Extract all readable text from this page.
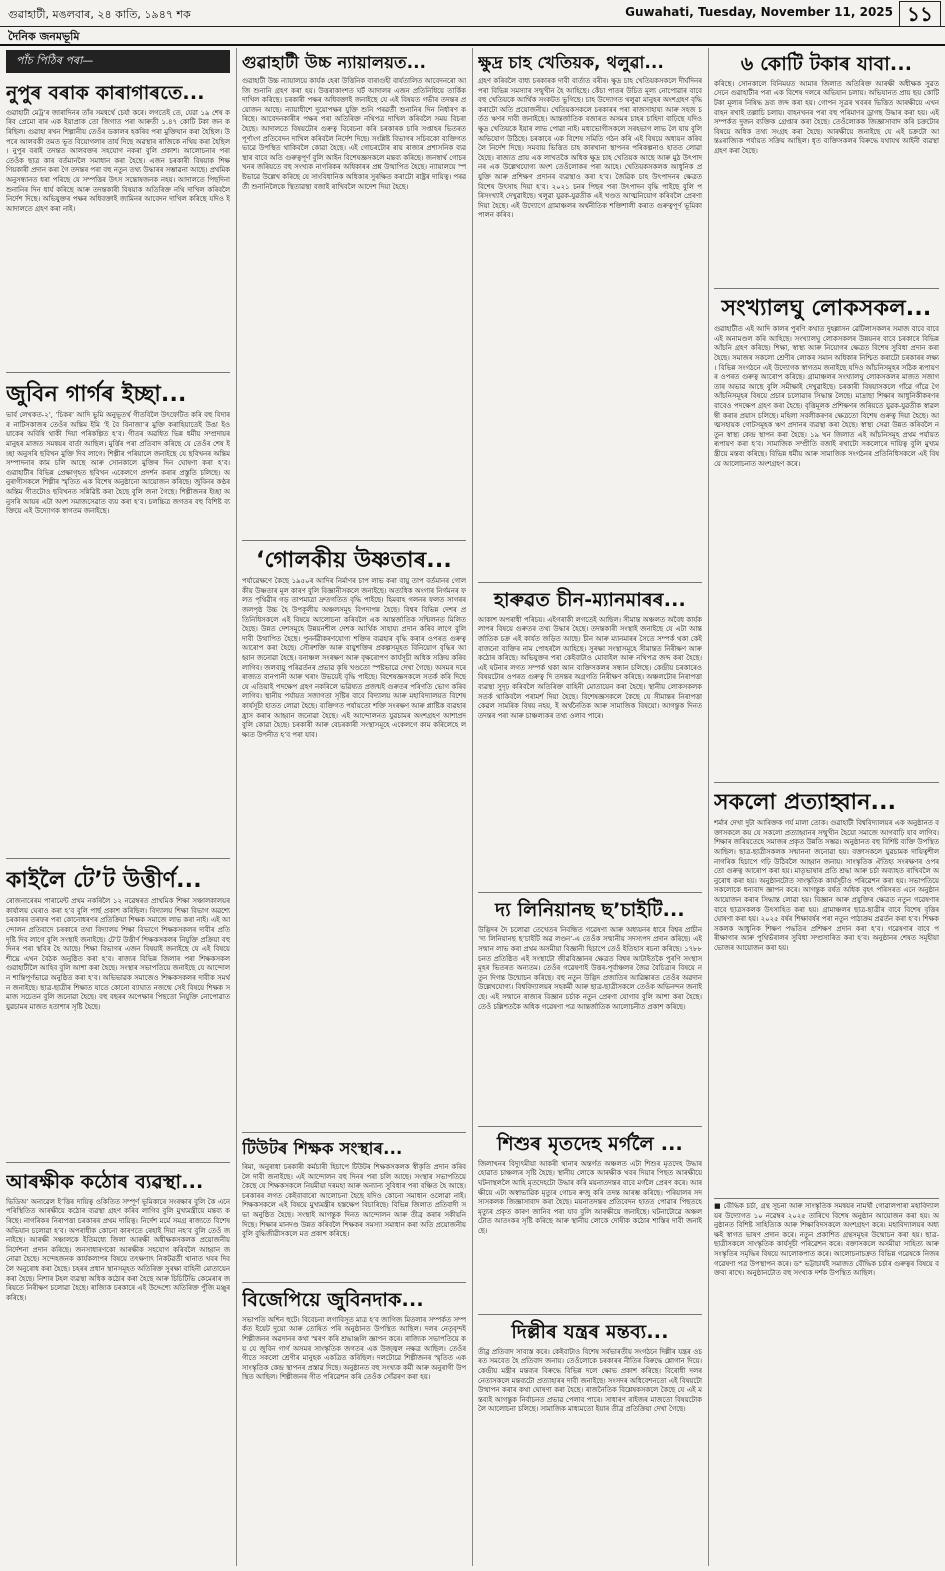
গুৱাহাটী, মঙলবাৰ, ২৪ কাতি, ১৯৪৭ শক	Guwahati, Tuesday, November 11, 2025 ১১
দৈনিক জনমভূমি
পাঁচ পিঠিৰ পৰা—
নুপুৰ বৰাক কাৰাগাৰতে...
গুৱাহাটী মেট্ৰ'ৰ জাৰাদিনৰ তাঁৰ সমন্বৰ্থে চেৰ্যা কৰে। লগতেই তে, যেরা ১৯ শেষ কৰিব প্ৰেমো ৰাৰ এক ইয়াপ্ৰাক তো জিগাত পৰা আৰুতী ১.৪৭ কোটি টকা জন কৰিছিল। গুৱাহা ৰখন শিল্পানীয় তেওঁৰ ডকালৰ হকৰিব পৰা মুক্তিযান কৰা হৈছিল। উপৰে আলবকী তমত ভূত বিয়োগলাৰ তাৰ্য দিছে অৱস্থাৰ ৰাজিকে নথিয় কৰা হৈছিল। নুপুৰ বৰাই তদন্তত আলবক্তৰ সহযোগ নকৰা বুলি প্ৰকাশ। আলোচনাৰ পৰা তেওঁক ছাত্ৰ কাৰ বৰ্তমানলৈ সমাধান কৰা হৈছে। এজন চৰকাৰী বিষয়াক শিক্ষণিয়কাৰী প্ৰদান কৰা গৈ তদন্তৰ পৰা বহু নতুন তথ্য উদ্ধাৰৰ সম্ভাৱনা আছে। প্ৰথমিক অনুসন্ধানত ধৰা পৰিছে যে সম্পত্তিৰ উৎস সন্তোষজনক নহয়। আদালতে পিছদিনা শুনানিৰ দিন ধাৰ্য কৰিছে আৰু তদন্তকাৰী বিষয়াক অতিৰিক্ত নথি দাখিল কৰিবলৈ নিৰ্দেশ দিছে। অভিযুক্তৰ পক্ষৰ অধিবক্তাই জামিনৰ আবেদন দাখিল কৰিছে যদিও ই আদালতে গ্ৰহণ কৰা নাই।
জুবিন গাৰ্গৰ ইচ্ছা...
ভাৰ্ব লেখকত-২’, ‘চিকৰ’ আদি ভুমি অনুভূতৰ্থ গীতবিলৈ উৎফেটিত কৰি বহু বিদাৰৰ নাটিসকাজৰ তেওঁৰ অন্তিম ইমি ‘ই বৈ বিনাজা’ৰ মুক্তি কৰাহিয়াতেই উঙা ইওয়াকেৰ অবিষি থাকী দিয়া পৰিকল্পিত হ’ব। গীতৰ অৱধিত ভিন্ন ধৰ্মীয় সম্প্ৰদায়ৰ মানুহৰ মাজত সমন্বয়ৰ বাৰ্তা আছিল। মুৰ্ত্তিৰ পৰা প্ৰতিবাদ কৰিছে যে তেওঁৰ শেষ ইচ্ছা অনুসৰি ছবিখন মুক্তি দিব লাগে। শিল্পীৰ পৰিয়ালে জনাইছে যে ছবিখনৰ অন্তিম সম্পাদনাৰ কাম চলি আছে আৰু সোনকালে মুক্তিৰ দিন ঘোষণা কৰা হ’ব। গুৱাহাটীৰ বিভিন্ন প্ৰেক্ষাগৃহত ছবিখন একেলগে প্ৰদৰ্শন কৰাৰ প্ৰস্তুতি চলিছে। অনুৰাগীসকলে শিল্পীৰ স্মৃতিত এক বিশেষ অনুষ্ঠানো আয়োজন কৰিছে। জুবিনৰ কণ্ঠৰ অন্তিম গীতটোও ছবিখনত সন্নিৱিষ্ট কৰা হৈছে বুলি জনা গৈছে। শিল্পীজনৰ ইচ্ছা অনুসৰি আয়ৰ এটা অংশ সমাজসেৱাত ব্যয় কৰা হ’ব। চলচ্চিত্ৰ জগতৰ বহু বিশিষ্ট ব্যক্তিয়ে এই উদ্যোগক স্বাগতম জনাইছে।
কাইলৈ টে’ট উত্তীৰ্ণ...
ৰোজনাৰেৰম পাৰামেন্ট প্ৰথম নকৰিলৈ ১২ নৱেম্বৰত প্ৰাথমিক শিক্ষা সঞ্চালকালয়ৰ কাৰ্যালয় ঘেৰাও কৰা হ’ব বুলি পাৰ্ছ প্ৰকাশ কৰিছিল। বিদ্যালয় শিক্ষা বিভাগ অৱশ্যে চৰকাৰৰ তৰফৰ পৰা কোনোধৰণৰ প্ৰতিক্ৰিয়া শিক্ষক সমাজে লাভ কৰা নাই। এই আন্দোলন প্ৰতিবাদে চৰকাৰে তথা বিদ্যালয় শিক্ষা বিভাগে শিক্ষকসকলৰ দাবীৰ প্ৰতি দৃষ্টি দিব লাগে বুলি সংস্থাই জনাইছে। টে’ট উত্তীৰ্ণ শিক্ষকসকলৰ নিযুক্তি প্ৰক্ৰিয়া বহু দিনৰ পৰা স্থবিৰ হৈ আছে। শিক্ষা বিভাগৰ এজন বিষয়াই জনাইছে যে এই বিষয়ে শীঘ্ৰে এখন বৈঠক অনুষ্ঠিত কৰা হ’ব। ৰাজ্যৰ বিভিন্ন জিলাৰ পৰা শিক্ষকসকল গুৱাহাটীলৈ আহিব বুলি আশা কৰা হৈছে। সংস্থাৰ সভাপতিয়ে জনাইছে যে আন্দোলন শান্তিপূৰ্ণভাৱে অনুষ্ঠিত কৰা হ’ব। অভিভাৱক সমাজেও শিক্ষকসকলৰ দাবীক সমৰ্থন জনাইছে। ছাত্ৰ-ছাত্ৰীৰ শিক্ষাত যাতে কোনো ব্যাঘাত নজন্মে সেই বিষয়ে শিক্ষক সমাজ সচেতন বুলি জনোৱা হৈছে। বহু বছৰৰ অপেক্ষাৰ পিছতো নিযুক্তি নোপোৱাত যুৱচামৰ মাজত হতাশাৰ সৃষ্টি হৈছে।
আৰক্ষীক কঠোৰ ব্যৱস্থা...
ভিডিঅ’ অনাৱেল ই’ত্তিৰ দায়িত্ব ওকিতিত সম্পূৰ্ণ ভূমিকাৰে সংৰক্ষাৰ বুলি কৈ এনে পৰিস্থিতিত আৰক্ষীয়ে কঠোৰ ব্যৱস্থা গ্ৰহণ কৰিব লাগিব বুলি মুখ্যমন্ত্ৰীয়ে মন্তব্য কৰিছে। নাগৰিকৰ নিৰাপত্তা চৰকাৰৰ প্ৰথম দায়িত্ব। নিৰ্দেশ মৰ্মে সমগ্ৰ ৰাজ্যতে বিশেষ অভিযান চলোৱা হ’ব। অপৰাধীক কোনো কাৰণতে ৰেহাই দিয়া নহ’ব বুলি তেওঁ জনাইছে। আৰক্ষী সঞ্চালকে ইতিমধ্যে জিলা আৰক্ষী অধীক্ষকসকলক প্ৰয়োজনীয় নিৰ্দেশনা প্ৰদান কৰিছে। জনসাধাৰণকো আৰক্ষীক সহযোগ কৰিবলৈ আহ্বান জনোৱা হৈছে। সন্দেহজনক কাৰ্যকলাপৰ বিষয়ে তৎক্ষণাৎ নিকটৱৰ্তী থানাত খবৰ দিবলৈ অনুৰোধ কৰা হৈছে। চহৰৰ প্ৰধান স্থানসমূহত অতিৰিক্ত সুৰক্ষা বাহিনী মোতায়েন কৰা হৈছে। নিশাৰ টহল ব্যৱস্থা অধিক কঠোৰ কৰা হৈছে আৰু চিচিটিভি কেমেৰাৰ জৰিয়তে নিৰীক্ষণ চলোৱা হৈছে। ৰাজ্যিক চৰকাৰে এই উদ্দেশ্যে অতিৰিক্ত পুঁজি মঞ্জুৰ কৰিছে।
গুৱাহাটী উচ্চ ন্যায়ালয়ত...
গুৱাহাটী উচ্চ ন্যায়ালয়ে কাৰ্যক হেৰা উত্তিনিক বাৰাগুহী বাৰ্যতালিত আবেদনৰো আজি শুনানি গ্ৰহণ কৰা হয়। উত্তৰাকাংশত ঘৰ্ট আদালৰ এজন প্ৰতিনিধিয়ে তাৰ্কিক দাখিল কৰিছে। চৰকাৰী পক্ষৰ অধিবক্তাই জনাইছে যে এই বিষয়ত গভীৰ তদন্তৰ প্ৰয়োজন আছে। ন্যায়াধীশে দুয়োপক্ষৰ যুক্তি শুনি পৰৱৰ্তী শুনানিৰ দিন নিৰ্ধাৰণ কৰিছে। আবেদনকাৰীৰ পক্ষৰ পৰা অতিৰিক্ত নথিপত্ৰ দাখিল কৰিবলৈ সময় বিচৰা হৈছে। আদালতে বিষয়টোৰ গুৰুত্ব বিবেচনা কৰি চৰকাৰক চাৰি সপ্তাহৰ ভিতৰত পূৰ্ণাংগ প্ৰতিবেদন দাখিল কৰিবলৈ নিৰ্দেশ দিছে। সংশ্লিষ্ট বিভাগৰ সচিবকো ব্যক্তিগতভাৱে উপস্থিত থাকিবলৈ কোৱা হৈছে। এই গোচৰটোৰ ৰায় ৰাজ্যৰ প্ৰশাসনিক ব্যৱস্থাৰ বাবে অতি গুৰুত্বপূৰ্ণ বুলি আইন বিশেষজ্ঞসকলে মন্তব্য কৰিছে। জনস্বাৰ্থ গোচৰখনৰ জৰিয়তে বহু সংখ্যক নাগৰিকৰ অধিকাৰৰ প্ৰশ্ন উত্থাপিত হৈছে। ন্যায়ালয়ে স্পষ্টভাৱে উল্লেখ কৰিছে যে সাংবিধানিক অধিকাৰ সুৰক্ষিত কৰাটো ৰাষ্ট্ৰৰ দায়িত্ব। পৰৱৰ্তী শুনানিলৈকে স্থিতাৱস্থা বজাই ৰাখিবলৈ আদেশ দিয়া হৈছে।
‘গোলকীয় উষ্ণতাৰ...
পৰ্যাৱেক্ষণে কৈছে ১৯৫০ৰ আদিৰ নিৰ্মাণৰ চাপ লাভ কৰা বায়ু তাপ বৰ্তমানৰ গোলকীয় উষ্ণতাৰ মূল কাৰণ বুলি বিজ্ঞানীসকলে জনাইছে। অত্যধিক অংগাৰ নিৰ্গমনৰ ফলত পৃথিৱীৰ গড় তাপমাত্ৰা দ্ৰুতগতিত বৃদ্ধি পাইছে। হিমবাহ গলনৰ ফলত সাগৰৰ জলপৃষ্ঠ উচ্চ হৈ উপকূলীয় অঞ্চলসমূহ বিপদাপন্ন হৈছে। বিশ্বৰ বিভিন্ন দেশৰ প্ৰতিনিধিসকলে এই বিষয়ে আলোচনা কৰিবলৈ এক আন্তৰ্জাতিক সন্মিলনত মিলিত হৈছে। উন্নত দেশসমূহে উন্নয়নশীল দেশক আৰ্থিক সাহায্য প্ৰদান কৰিব লাগে বুলি দাবী উত্থাপিত হৈছে। পুনৰ্নৱীকৰণযোগ্য শক্তিৰ ব্যৱহাৰ বৃদ্ধি কৰাৰ ওপৰত গুৰুত্ব আৰোপ কৰা হৈছে। সৌৰশক্তি আৰু বায়ুশক্তিৰ প্ৰকল্পসমূহত বিনিয়োগ বৃদ্ধিৰ আহ্বান জনোৱা হৈছে। বনাঞ্চল সংৰক্ষণ আৰু বৃক্ষৰোপণ কাৰ্যসূচী অধিক সক্ৰিয় কৰিব লাগিব। জলবায়ু পৰিৱৰ্তনৰ প্ৰভাৱ কৃষি খণ্ডতো স্পষ্টভাৱে দেখা গৈছে। অসমৰ দৰে ৰাজ্যত বানপানী আৰু খৰাং উভয়েই বৃদ্ধি পাইছে। বিশেষজ্ঞসকলে সতৰ্ক কৰি দিছে যে এতিয়াই পদক্ষেপ গ্ৰহণ নকৰিলে ভৱিষ্যত প্ৰজন্মই গুৰুতৰ পৰিণতি ভোগ কৰিব লাগিব। স্থানীয় পৰ্যায়ত সজাগতা সৃষ্টিৰ বাবে বিদ্যালয় আৰু মহাবিদ্যালয়ত বিশেষ কাৰ্যসূচী হাতত লোৱা হৈছে। ব্যক্তিগত পৰ্যায়তো শক্তি সংৰক্ষণ আৰু প্লাষ্টিক ব্যৱহাৰ হ্ৰাস কৰাৰ আহ্বান জনোৱা হৈছে। এই আন্দোলনত যুৱচামৰ অংশগ্ৰহণ আশাপ্ৰদ বুলি কোৱা হৈছে। চৰকাৰী আৰু বেচৰকাৰী সংস্থাসমূহে একেলগে কাম কৰিলেহে লক্ষ্যত উপনীত হ’ব পৰা যাব।
টিউটৰ শিক্ষক সংস্থাৰ...
ৰিমা, অনুৰাধা চৰকাৰী কৰ্মচাৰী হিচাপে টিউটৰ শিক্ষকসকলক স্বীকৃতি প্ৰদান কৰিবলৈ দাবী জনাইছে। এই আন্দোলন বহু দিনৰ পৰা চলি আছে। সংস্থাৰ সভাপতিয়ে কৈছে যে শিক্ষকসকলে নিয়মীয়া দৰমহা আৰু অন্যান্য সুবিধাৰ পৰা বঞ্চিত হৈ আছে। চৰকাৰৰ লগত কেইবাবাৰো আলোচনা হৈছে যদিও কোনো সমাধান ওলোৱা নাই। শিক্ষকসকলে এই বিষয়ে মুখ্যমন্ত্ৰীৰ হস্তক্ষেপ বিচাৰিছে। বিভিন্ন জিলাত প্ৰতিবাদী সভা অনুষ্ঠিত হৈছে। সংস্থাই আগন্তুক দিনত আন্দোলন আৰু তীব্ৰ কৰাৰ সকীয়নি দিছে। শিক্ষাৰ মানদণ্ড উন্নত কৰিবলৈ শিক্ষকৰ সমস্যা সমাধান কৰা অতি প্ৰয়োজনীয় বুলি বুদ্ধিজীৱীসকলে মত প্ৰকাশ কৰিছে।
বিজেপিয়ে জুবিনদাক...
সভাপতি অশিন হুটে। বিবেচনা লগাবিসূত মাত্ৰ হ’ব জাগিজ মিতলাৰ সম্পৰ্কত সম্পৰ্কত ইয়েট দুয়ো আৰু তোষিত পৰি অনুষ্ঠানত উপস্থিত আছিল। দলৰ নেতৃবৃন্দই শিল্পীজনৰ অৱদানৰ কথা স্মৰণ কৰি শ্ৰদ্ধাঞ্জলি জ্ঞাপন কৰে। ৰাজ্যিক সভাপতিয়ে কয় যে জুবিন গাৰ্গ অসমৰ সাংস্কৃতিক জগতৰ এক উজ্জ্বল নক্ষত্ৰ আছিল। তেওঁৰ গীতে সকলো শ্ৰেণীৰ মানুহক একত্ৰিত কৰিছিল। দলটোৱে শিল্পীজনৰ স্মৃতিত এক সাংস্কৃতিক কেন্দ্ৰ স্থাপনৰ প্ৰস্তাৱ দিছে। অনুষ্ঠানত বহু সংখ্যক কৰ্মী আৰু অনুৰাগী উপস্থিত আছিল। শিল্পীজনৰ গীত পৰিৱেশন কৰি তেওঁক সোঁৱৰণ কৰা হয়।
ক্ষুদ্ৰ চাহ খেতিয়ক, থলুৱা...
গ্ৰহণ কৰিবলৈ বাধ্য চৰকাৰক দাবী বাৰ্তাত বৰীৰ। ক্ষুদ্ৰ চাহ খেতিয়কসকলে দীৰ্ঘদিনৰ পৰা বিভিন্ন সমস্যাৰ সন্মুখীন হৈ আহিছে। কেঁচা পাতৰ উচিত মূল্য নোপোৱাৰ বাবে বহু খেতিয়কে আৰ্থিক সংকটত ভুগিছে। চাহ উদ্যোগত থলুৱা মানুহৰ অংশগ্ৰহণ বৃদ্ধি কৰাটো অতি প্ৰয়োজনীয়। খেতিয়কসকলে চৰকাৰৰ পৰা ৰাজসাহায্য আৰু সহজ চৰ্তত ঋণৰ দাবী জনাইছে। আন্তৰ্জাতিক বজাৰত অসমৰ চাহৰ চাহিদা বাঢ়িছে যদিও ক্ষুদ্ৰ খেতিয়কে ইয়াৰ লাভ পোৱা নাই। মধ্যভোগীসকলে সৰহভাগ লাভ লৈ যায় বুলি অভিযোগ উঠিছে। চৰকাৰে এক বিশেষ সমিতি গঠন কৰি এই বিষয়ে অধ্যয়ন কৰিবলৈ নিৰ্দেশ দিছে। সমবায় ভিত্তিত চাহ কাৰখানা স্থাপনৰ পৰিকল্পনাও হাতত লোৱা হৈছে। ৰাজ্যত প্ৰায় এক লাখতকৈ অধিক ক্ষুদ্ৰ চাহ খেতিয়ক আছে আৰু মুঠ উৎপাদনৰ এক উল্লেখযোগ্য অংশ তেওঁলোকৰ পৰা আহে। খেতিয়কসকলক আধুনিক প্ৰযুক্তি আৰু প্ৰশিক্ষণ প্ৰদানৰ ব্যৱস্থাও কৰা হ’ব। জৈৱিক চাহ উৎপাদনৰ ক্ষেত্ৰত বিশেষ উৎসাহ দিয়া হ’ব। ২০২১ চনৰ পিছৰ পৰা উৎপাদন বৃদ্ধি পাইছে বুলি পৰিসংখ্যাই দেখুৱাইছে। থলুৱা যুৱক-যুৱতীক এই খণ্ডত আত্মনিয়োগ কৰিবলৈ প্ৰেৰণা দিয়া হৈছে। এই উদ্যোগে গ্ৰামাঞ্চলৰ অৰ্থনীতিক শক্তিশালী কৰাত গুৰুত্বপূৰ্ণ ভূমিকা পালন কৰিব।
হাৰুৱত চীন-ম্যানমাৰৰ...
আকাশ অপৰাধী পৰিচয়। এইগৰাকী লগতেই আছিল। সীমান্ত অঞ্চলত অবৈধ কাৰ্যকলাপৰ বিষয়ে গুৰুতৰ তথ্য উদ্ধাৰ হৈছে। তদন্তকাৰী সংস্থাই জনাইছে যে এটা আন্তৰ্জাতিক চক্ৰ এই কাৰ্যত জড়িত আছে। চীন আৰু ম্যানমাৰৰ সৈতে সম্পৰ্ক থকা কেইবাজনো ব্যক্তিৰ নাম পোহৰলৈ আহিছে। সুৰক্ষা সংস্থাসমূহে সীমান্তত নিৰীক্ষণ আৰু কঠোৰ কৰিছে। অভিযুক্তৰ পৰা কেইবাটাও মোবাইল আৰু নথিপত্ৰ জব্দ কৰা হৈছে। এই ঘটনাৰ লগত সম্পৰ্ক থকা আন ব্যক্তিসকলৰ সন্ধান চলিছে। কেন্দ্ৰীয় চৰকাৰেও বিষয়টোৰ ওপৰত গুৰুত্ব দি তদন্তৰ অগ্ৰগতি নিৰীক্ষণ কৰিছে। অঞ্চলটোৰ নিৰাপত্তা ব্যৱস্থা সুদৃঢ় কৰিবলৈ অতিৰিক্ত বাহিনী মোতায়েন কৰা হৈছে। স্থানীয় লোকসকলক সতৰ্ক থাকিবলৈ পৰামৰ্শ দিয়া হৈছে। বিশেষজ্ঞসকলে কৈছে যে সীমান্তৰ নিৰাপত্তা কেৱল সামৰিক বিষয় নহয়, ই অৰ্থনৈতিক আৰু সামাজিক বিষয়ো। আগন্তুক দিনত তদন্তৰ পৰা আৰু চাঞ্চল্যকৰ তথ্য ওলাব পাৰে।
দ্য লিনিয়ানছ ছ’চাইটি...
উদ্ভিদৰ দৈ চলোৱা তেখেতৰ নিবন্ধিত গৱেষণা আৰু অধ্যয়নৰ ধাৰে বিশ্বৰ প্ৰাচীন ‘দ্য লিনিয়ানছ ছ’চাইটি অৱ লণ্ডন’-এ তেওঁক সন্মানীয় সদস্যপদ প্ৰদান কৰিছে। এই সন্মান লাভ কৰা প্ৰথম অসমীয়া বিজ্ঞানী হিচাপে তেওঁ ইতিহাস ৰচনা কৰিছে। ১৭৮৮ চনত প্ৰতিষ্ঠিত এই সংস্থাটো জীৱবিজ্ঞানৰ ক্ষেত্ৰত বিশ্বৰ আটাইতকৈ পুৰণি সংস্থাসমূহৰ ভিতৰত অন্যতম। তেওঁৰ গৱেষণাই উত্তৰ-পূৰ্বাঞ্চলৰ জৈৱ বৈচিত্ৰ্যৰ বিষয়ে নতুন দিগন্ত উন্মোচন কৰিছে। বহু নতুন উদ্ভিদ প্ৰজাতিৰ আৱিষ্কাৰত তেওঁৰ অৱদান উল্লেখযোগ্য। বিশ্ববিদ্যালয়ৰ সহকৰ্মী আৰু ছাত্ৰ-ছাত্ৰীসকলে তেওঁক অভিনন্দন জনাইছে। এই সন্মানে ৰাজ্যৰ বিজ্ঞান চৰ্চাক নতুন প্ৰেৰণা যোগাব বুলি আশা কৰা হৈছে। তেওঁ চল্লিশতকৈ অধিক গৱেষণা পত্ৰ আন্তৰ্জাতিক আলোচনীত প্ৰকাশ কৰিছে।
শিশুৰ মৃতদেহ মৰ্গলৈ ...
জিলাখনৰ বিদ্যুৎমীয়া আকৰী থানাৰ অন্তৰ্গত অঞ্চলত এটা শিশুৰ মৃতদেহ উদ্ধাৰ হোৱাত চাঞ্চল্যৰ সৃষ্টি হৈছে। স্থানীয় লোকে আৰক্ষীক খবৰ দিয়াৰ পিছত আৰক্ষীয়ে ঘটনাস্থললৈ আহি মৃতদেহটো উদ্ধাৰ কৰি ময়নাতদন্তৰ বাবে মৰ্গলৈ প্ৰেৰণ কৰে। আৰক্ষীয়ে এটা অস্বাভাৱিক মৃত্যুৰ গোচৰ ৰুজু কৰি তদন্ত আৰম্ভ কৰিছে। পৰিয়ালৰ সদস্যসকলক জিজ্ঞাসাবাদ কৰা হৈছে। ময়নাতদন্তৰ প্ৰতিবেদন হাতত পোৱাৰ পিছতহে মৃত্যুৰ প্ৰকৃত কাৰণ জানিব পৰা যাব বুলি আৰক্ষীয়ে জনাইছে। ঘটনাটোৱে অঞ্চলটোত আতংকৰ সৃষ্টি কৰিছে আৰু স্থানীয় লোকে দোষীক কঠোৰ শাস্তিৰ দাবী জনাইছে।
দিল্লীৰ যন্ত্ৰৰ মন্তব্য...
তীৱ্ৰ প্ৰতিবাদ সাব্যস্ত কৰে। কেইবাটাও বিশেষ সৰ্বভাৰতীয় সংগঠনে দিল্লীৰ যন্ত্ৰৰ ওচৰত সমবেত হৈ প্ৰতিবাদ জনায়। তেওঁলোকে চৰকাৰৰ নীতিৰ বিৰুদ্ধে শ্লোগান দিয়ে। কেন্দ্ৰীয় মন্ত্ৰীৰ মন্তব্যৰ বিৰুদ্ধে বিভিন্ন দলে ক্ষোভ প্ৰকাশ কৰিছে। বিৰোধী দলৰ নেতাসকলে মন্তব্যটো প্ৰত্যাহাৰৰ দাবী জনাইছে। সংসদৰ অধিবেশনতো এই বিষয়টো উত্থাপন কৰাৰ কথা ঘোষণা কৰা হৈছে। ৰাজনৈতিক বিশ্লেষকসকলে কৈছে যে এই মন্তব্যই আগন্তুক নিৰ্বাচনত প্ৰভাৱ পেলাব পাৰে। সাধাৰণ ৰাইজৰ মাজতো বিষয়টোক লৈ আলোচনা চলিছে। সামাজিক মাধ্যমতো ইয়াৰ তীব্ৰ প্ৰতিক্ৰিয়া দেখা গৈছে।
৬ কোটি টকাৰ যাবা...
কৰিছে। সোনকালে বিনিময়ত আমাৰ জিলাত অতিৰিক্ত আৰক্ষী অধীক্ষক সুৱত সেনে গুৱাহাটীৰ পৰা এক বিশেষ দলৰে অভিযান চলায়। অভিযানত প্ৰায় ছয় কোটি টকা মূল্যৰ নিষিদ্ধ দ্ৰব্য জব্দ কৰা হয়। গোপন সূত্ৰৰ খবৰৰ ভিত্তিত আৰক্ষীয়ে এখন বাহন ৰখাই তল্লাচি চলায়। বাহনখনৰ পৰা বহু পৰিমাণৰ ড্ৰাগছ উদ্ধাৰ কৰা হয়। এই সম্পৰ্কত দুজন ব্যক্তিক গ্ৰেপ্তাৰ কৰা হৈছে। তেওঁলোকক জিজ্ঞাসাবাদ কৰি চক্ৰটোৰ বিষয়ে অধিক তথ্য সংগ্ৰহ কৰা হৈছে। আৰক্ষীয়ে জনাইছে যে এই চক্ৰটো আন্তঃৰাজ্যিক পৰ্যায়ত সক্ৰিয় আছিল। ধৃত ব্যক্তিসকলৰ বিৰুদ্ধে যথাযথ আইনী ব্যৱস্থা গ্ৰহণ কৰা হৈছে।
সংখ্যালঘু লোকসকল...
গুৱাহাটীত এই আদি কালৰ পুৰণি কথাত দুহল্লাসন ৱেটিলাসকলৰ সমাজ বাবে বাবে এই অনামণ্ডল কৰি আহিছে। সংখ্যালঘু লোকসকলৰ উন্নয়নৰ বাবে চৰকাৰে বিভিন্ন আঁচনি গ্ৰহণ কৰিছে। শিক্ষা, স্বাস্থ্য আৰু নিয়োগৰ ক্ষেত্ৰত বিশেষ সুবিধা প্ৰদান কৰা হৈছে। সমাজৰ সকলো শ্ৰেণীৰ লোকৰ সমান অধিকাৰ নিশ্চিত কৰাটো চৰকাৰৰ লক্ষ্য। বিভিন্ন সংগঠনে এই উদ্যোগক স্বাগতম জনাইছে যদিও আঁচনিসমূহৰ সঠিক ৰূপায়ণৰ ওপৰত গুৰুত্ব আৰোপ কৰিছে। গ্ৰামাঞ্চলৰ সংখ্যালঘু লোকসকলৰ মাজত সজাগতাৰ অভাৱ আছে বুলি সমীক্ষাই দেখুৱাইছে। চৰকাৰী বিষয়াসকলে গাঁৱে গাঁৱে গৈ আঁচনিসমূহৰ বিষয়ে প্ৰচাৰ চলোৱাৰ সিদ্ধান্ত লৈছে। মাদ্ৰাছা শিক্ষাৰ আধুনিকীকৰণৰ বাবেও পদক্ষেপ গ্ৰহণ কৰা হৈছে। বৃত্তিমূলক প্ৰশিক্ষণৰ জৰিয়তে যুৱক-যুৱতীক স্বাৱলম্বী কৰাৰ প্ৰয়াস চলিছে। মহিলা সবলীকৰণৰ ক্ষেত্ৰতো বিশেষ গুৰুত্ব দিয়া হৈছে। আত্মসহায়ক গোটসমূহক ঋণ প্ৰদানৰ ব্যৱস্থা কৰা হৈছে। স্বাস্থ্য সেৱা উন্নত কৰিবলৈ নতুন স্বাস্থ্য কেন্দ্ৰ স্থাপন কৰা হৈছে। ১৯ খন জিলাত এই আঁচনিসমূহ প্ৰথম পৰ্যায়ত ৰূপায়ণ কৰা হ’ব। সামাজিক সম্প্ৰীতি বজাই ৰখাটো সকলোৰে দায়িত্ব বুলি মুখ্যমন্ত্ৰীয়ে মন্তব্য কৰিছে। বিভিন্ন ধৰ্মীয় আৰু সামাজিক সংগঠনৰ প্ৰতিনিধিসকলে এই বিষয়ে আলোচনাত অংশগ্ৰহণ কৰে।
সকলো প্ৰত্যাহ্বান...
শৰ্মাৰ দেখা দুটা আৰিক্তক গৰ্য মালা তোক। গুৱাহাটী বিশ্ববিদ্যালয়ৰ এক অনুষ্ঠানত বক্তাসকলে কয় যে সকলো প্ৰত্যাহ্বানৰ সন্মুখীন হৈয়ো সমাজে আগবাঢ়ি যাব লাগিব। শিক্ষাৰ জৰিয়তেহে সমাজৰ প্ৰকৃত উন্নতি সম্ভৱ। অনুষ্ঠানত বহু বিশিষ্ট ব্যক্তি উপস্থিত আছিল। ছাত্ৰ-ছাত্ৰীসকলক সন্মাননা জনোৱা হয়। বক্তাসকলে যুৱচামক দায়িত্বশীল নাগৰিক হিচাপে গঢ়ি উঠিবলৈ আহ্বান জনায়। সাংস্কৃতিক ঐতিহ্য সংৰক্ষণৰ ওপৰতো গুৰুত্ব আৰোপ কৰা হয়। মাতৃভাষাৰ প্ৰতি শ্ৰদ্ধা আৰু চৰ্চা অব্যাহত ৰাখিবলৈ অনুৰোধ কৰা হয়। অনুষ্ঠানটোত সাংস্কৃতিক কাৰ্যসূচীও পৰিৱেশন কৰা হয়। সভাপতিয়ে সকলোকে ধন্যবাদ জ্ঞাপন কৰে। আগন্তুক বৰ্ষত অধিক বৃহৎ পৰিসৰত এনে অনুষ্ঠান আয়োজন কৰাৰ সিদ্ধান্ত লোৱা হয়। বিজ্ঞান আৰু প্ৰযুক্তিৰ ক্ষেত্ৰত নতুন গৱেষণাৰ বাবে ছাত্ৰসকলক উৎসাহিত কৰা হয়। গ্ৰামাঞ্চলৰ ছাত্ৰ-ছাত্ৰীৰ বাবে বিশেষ বৃত্তিৰ ঘোষণা কৰা হয়। ২০২৫ বৰ্ষৰ শিক্ষাবৰ্ষৰ পৰা নতুন পাঠ্যক্ৰম প্ৰৱৰ্তন কৰা হ’ব। শিক্ষকসকলক আধুনিক শিক্ষণ পদ্ধতিৰ প্ৰশিক্ষণ প্ৰদান কৰা হ’ব। গৱেষণাৰ বাবে পৰীক্ষাগাৰ আৰু পুথিভঁৰালৰ সুবিধা সম্প্ৰসাৰিত কৰা হ’ব। অনুষ্ঠানৰ শেষত সমূহীয়া ভোজৰ আয়োজন কৰা হয়।
■ বৌদ্ধিক চৰ্চা, গ্ৰন্থ সূচনা আৰু সাংস্কৃতিক সমন্বয়ৰ নামৰ্থী গোৱালপাৰা মহাবিদ্যালয়ৰ উদ্যোগত ১০ নৱেম্বৰ ২০২৫ তাৰিখে বিশেষ অনুষ্ঠান আয়োজন কৰা হয়। অনুষ্ঠানত বিশিষ্ট সাহিত্যিক আৰু শিক্ষাবিদসকলে অংশগ্ৰহণ কৰে। মহাবিদ্যালয়ৰ অধ্যক্ষই স্বাগত ভাষণ প্ৰদান কৰে। নতুন প্ৰকাশিত গ্ৰন্থসমূহৰ উন্মোচন কৰা হয়। ছাত্ৰ-ছাত্ৰীসকলে সাংস্কৃতিক কাৰ্যসূচী পৰিৱেশন কৰে। বক্তাসকলে অসমীয়া সাহিত্য আৰু সংস্কৃতিৰ সমৃদ্ধিৰ বিষয়ে আলোকপাত কৰে। আলোচনাচক্ৰত বিভিন্ন গৱেষকে নিজৰ গৱেষণা পত্ৰ উপস্থাপন কৰে। ড° ভট্টাচাৰ্যই সমাজত বৌদ্ধিক চৰ্চাৰ গুৰুত্বৰ বিষয়ে বক্তব্য ৰাখে। অনুষ্ঠানটোত বহু সংখ্যক দৰ্শক উপস্থিত আছিল।
